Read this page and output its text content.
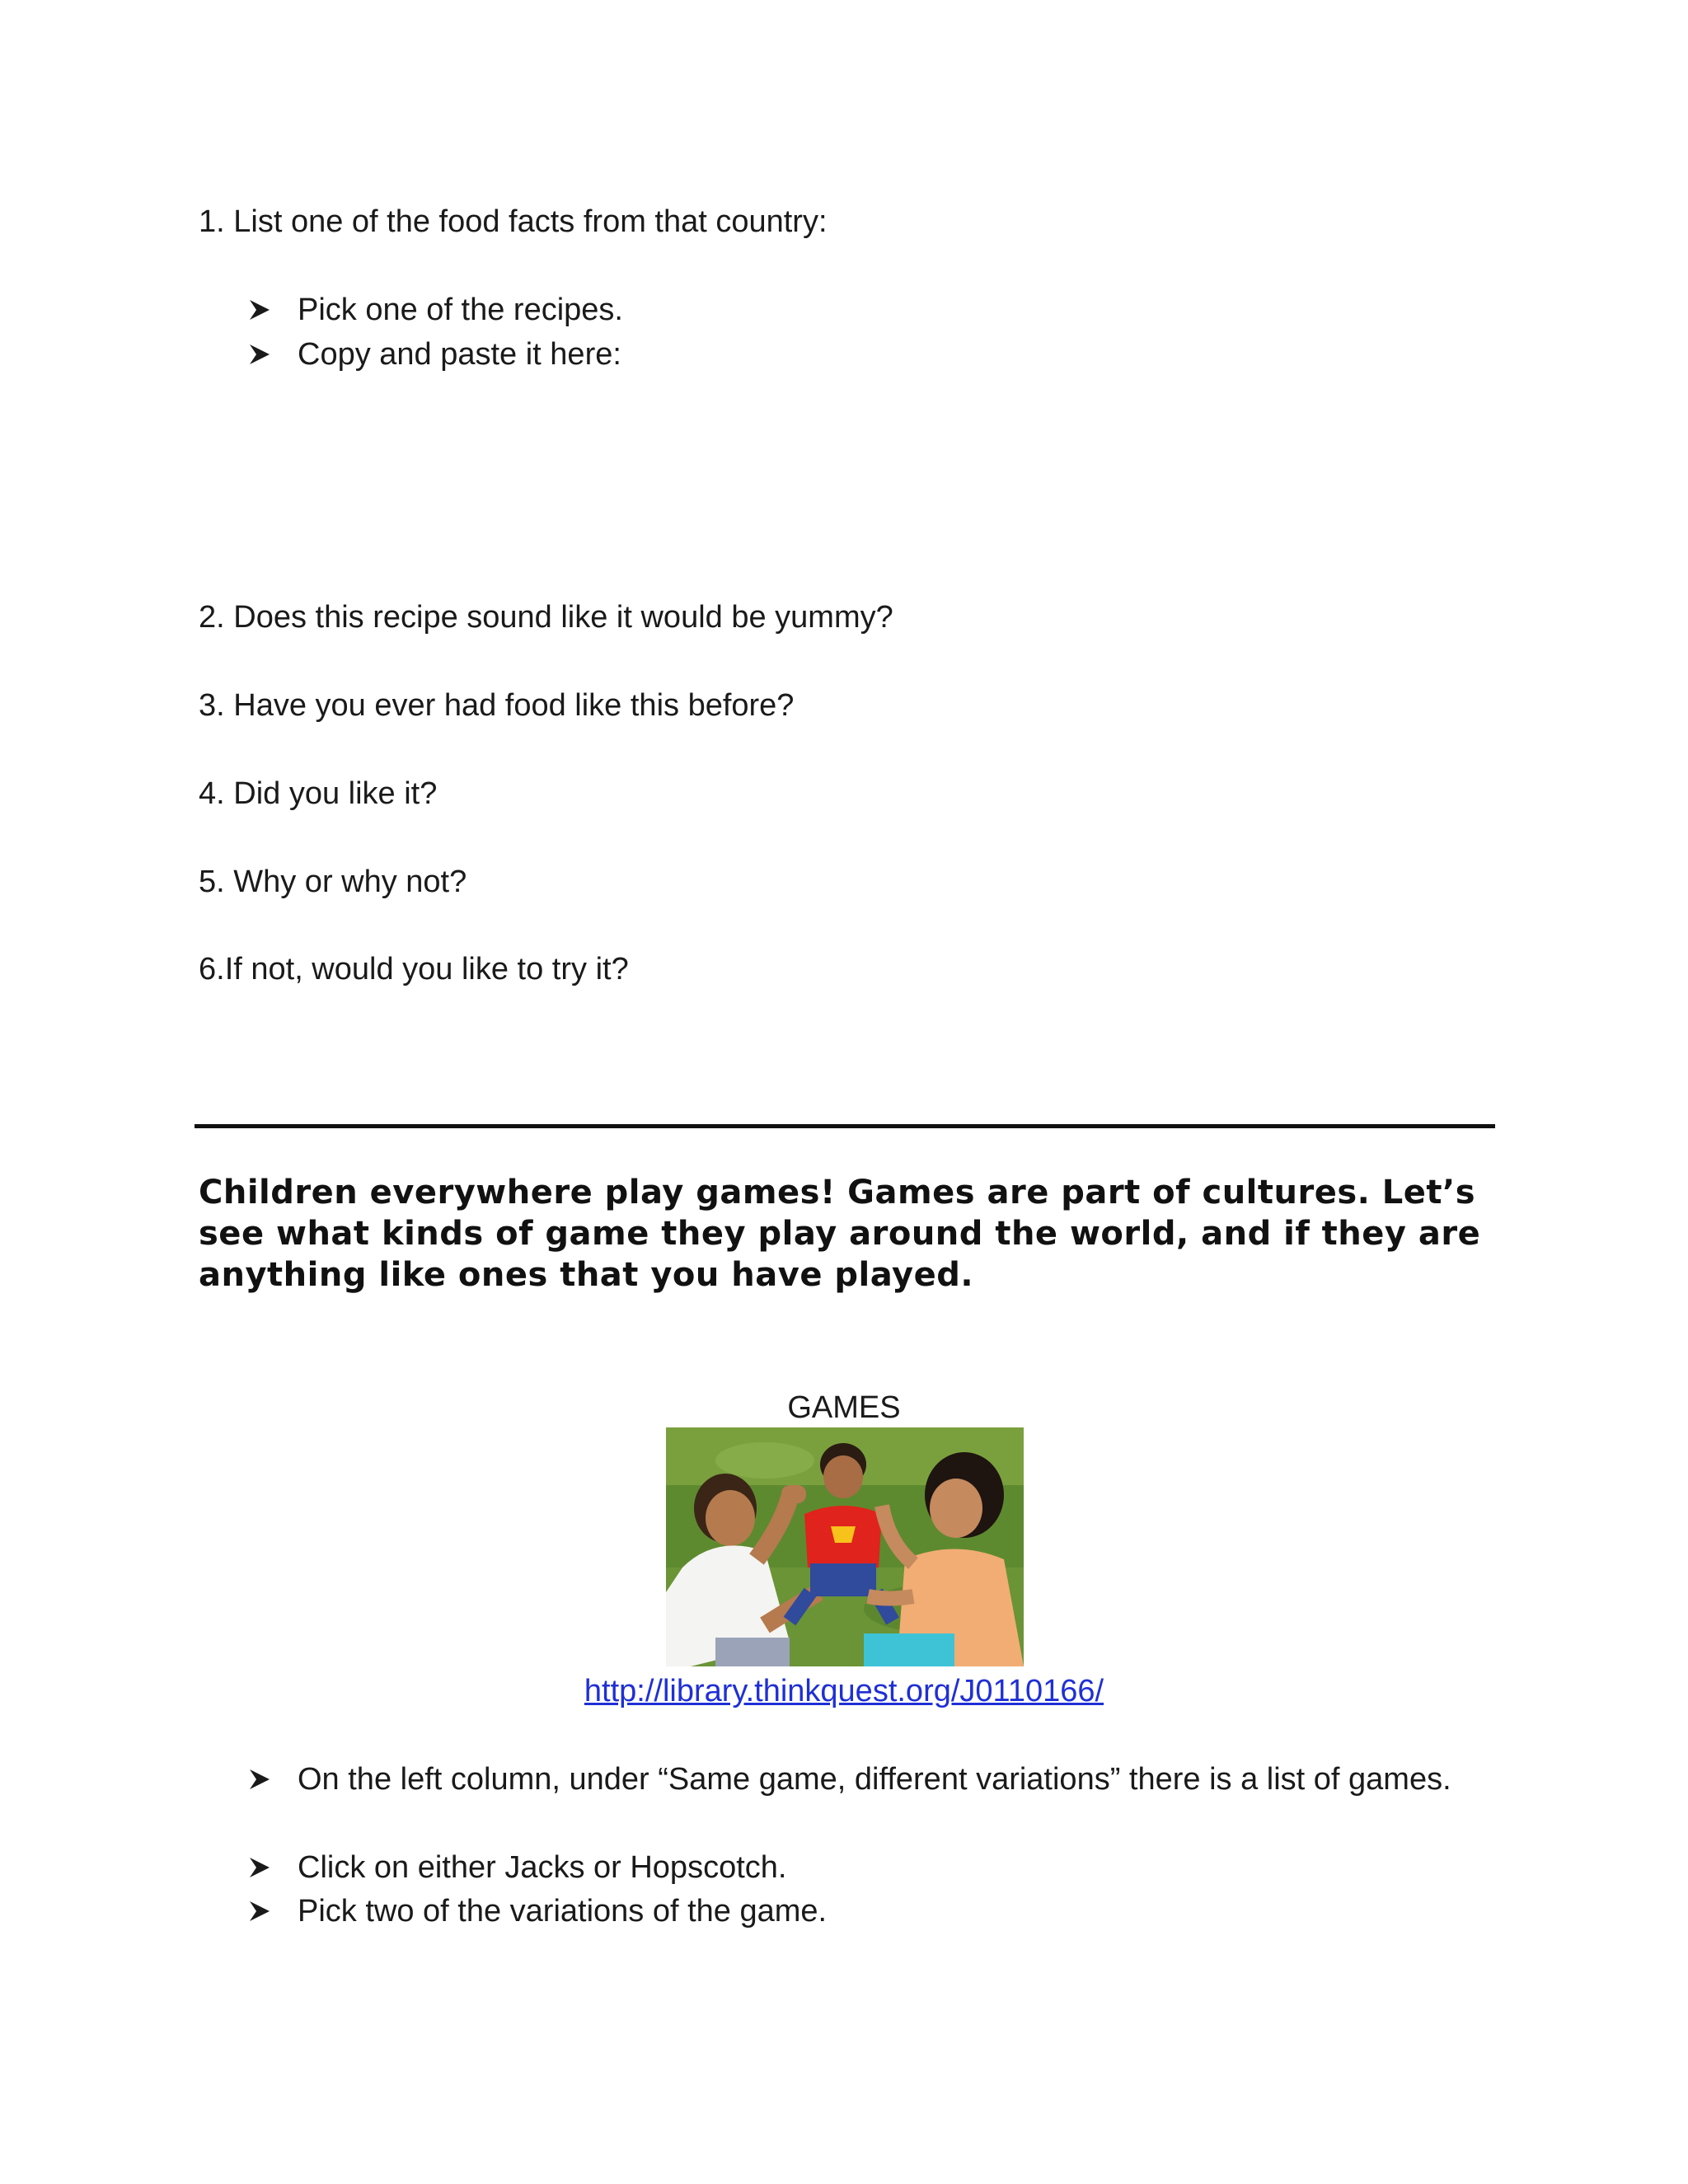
1. List one of the food facts from that country:
Pick one of the recipes.
Copy and paste it here:
2. Does this recipe sound like it would be yummy?
3. Have you ever had food like this before?
4. Did you like it?
5. Why or why not?
6.If not, would you like to try it?
Children everywhere play games! Games are part of cultures. Let’s see what kinds of game they play around the world, and if they are anything like ones that you have played.
GAMES
http://library.thinkquest.org/J0110166/
On the left column, under “Same game, different variations” there is a list of games.
Click on either Jacks or Hopscotch.
Pick two of the variations of the game.
